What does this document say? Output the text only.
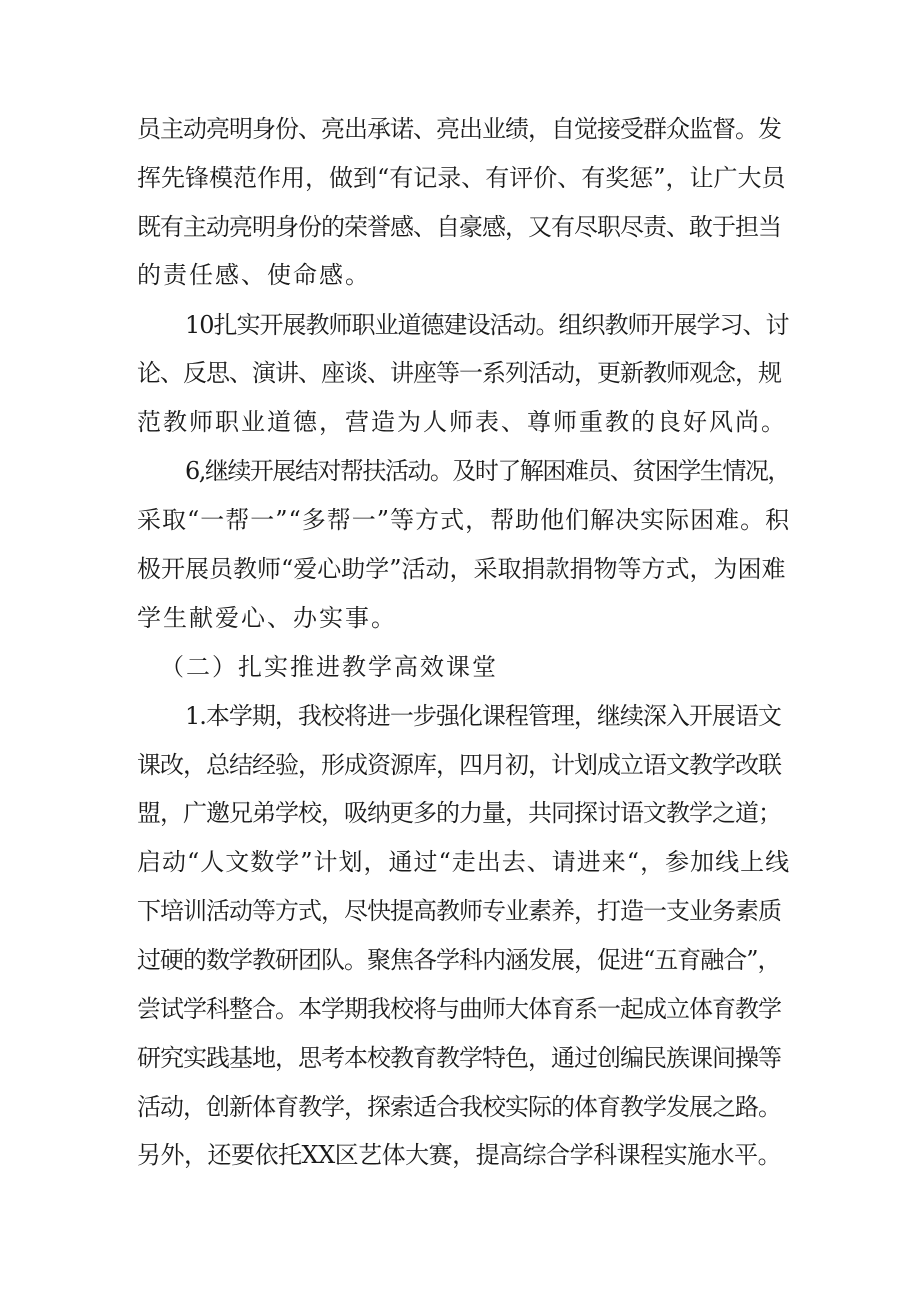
员主动亮明身份、亮出承诺、亮出业绩，自觉接受群众监督。发
挥先锋模范作用，做到“有记录、有评价、有奖惩”，让广大员
既有主动亮明身份的荣誉感、自豪感，又有尽职尽责、敢于担当
的责任感、使命感。
10扎实开展教师职业道德建设活动。组织教师开展学习、讨
论、反思、演讲、座谈、讲座等一系列活动，更新教师观念，规
范教师职业道德，营造为人师表、尊师重教的良好风尚。
6,继续开展结对帮扶活动。及时了解困难员、贫困学生情况，
采取“一帮一”“多帮一”等方式，帮助他们解决实际困难。积
极开展员教师“爱心助学”活动，采取捐款捐物等方式，为困难
学生献爱心、办实事。
（二）扎实推进教学高效课堂
1.本学期，我校将进一步强化课程管理，继续深入开展语文
课改，总结经验，形成资源库，四月初，计划成立语文教学改联
盟，广邀兄弟学校，吸纳更多的力量，共同探讨语文教学之道；
启动“人文数学”计划，通过“走出去、请进来“，参加线上线
下培训活动等方式，尽快提高教师专业素养，打造一支业务素质
过硬的数学教研团队。聚焦各学科内涵发展，促进“五育融合”，
尝试学科整合。本学期我校将与曲师大体育系一起成立体育教学
研究实践基地，思考本校教育教学特色，通过创编民族课间操等
活动，创新体育教学，探索适合我校实际的体育教学发展之路。
另外，还要依托XX区艺体大赛，提高综合学科课程实施水平。
